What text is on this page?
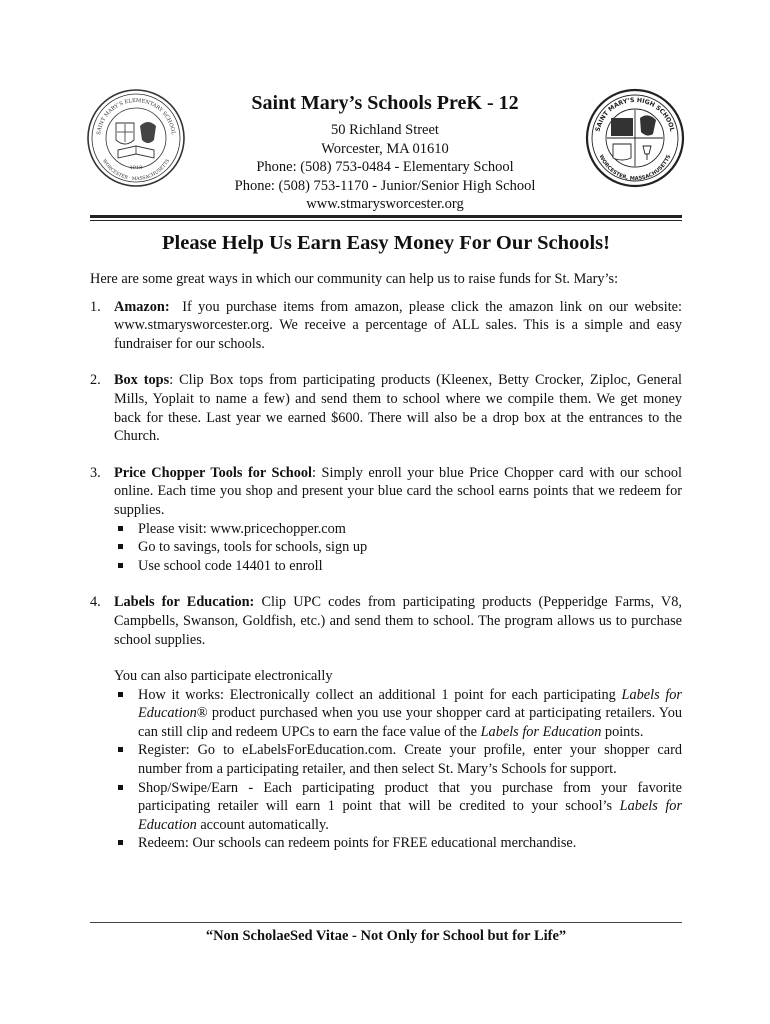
SAINT MARY’S ELEMENTARY SCHOOL
WORCESTER · MASSACHUSETTS
1918
Saint Mary’s Schools PreK - 12
50 Richland Street
Worcester, MA 01610
Phone: (508) 753-0484 - Elementary School
Phone: (508) 753-1170 - Junior/Senior High School
www.stmarysworcester.org
SAINT MARY’S HIGH SCHOOL
WORCESTER, MASSACHUSETTS
Please Help Us Earn Easy Money For Our Schools!

Here are some great ways in which our community can help us to raise funds for St. Mary’s:

1. Amazon: If you purchase items from amazon, please click the amazon link on our website: www.stmarysworcester.org. We receive a percentage of ALL sales. This is a simple and easy fundraiser for our schools.
2. Box tops: Clip Box tops from participating products (Kleenex, Betty Crocker, Ziploc, General Mills, Yoplait to name a few) and send them to school where we compile them. We get money back for these. Last year we earned $600. There will also be a drop box at the entrances to the Church.
3. Price Chopper Tools for School: Simply enroll your blue Price Chopper card with our school online. Each time you shop and present your blue card the school earns points that we redeem for supplies.
Please visit: www.pricechopper.com
Go to savings, tools for schools, sign up
Use school code 14401 to enroll
4. Labels for Education: Clip UPC codes from participating products (Pepperidge Farms, V8, Campbells, Swanson, Goldfish, etc.) and send them to school. The program allows us to purchase school supplies.
You can also participate electronically
How it works: Electronically collect an additional 1 point for each participating Labels for Education® product purchased when you use your shopper card at participating retailers. You can still clip and redeem UPCs to earn the face value of the Labels for Education points.
Register: Go to eLabelsForEducation.com. Create your profile, enter your shopper card number from a participating retailer, and then select St. Mary’s Schools for support.
Shop/Swipe/Earn - Each participating product that you purchase from your favorite participating retailer will earn 1 point that will be credited to your school’s Labels for Education account automatically.
Redeem: Our schools can redeem points for FREE educational merchandise.
“Non ScholaeSed Vitae - Not Only for School but for Life”
